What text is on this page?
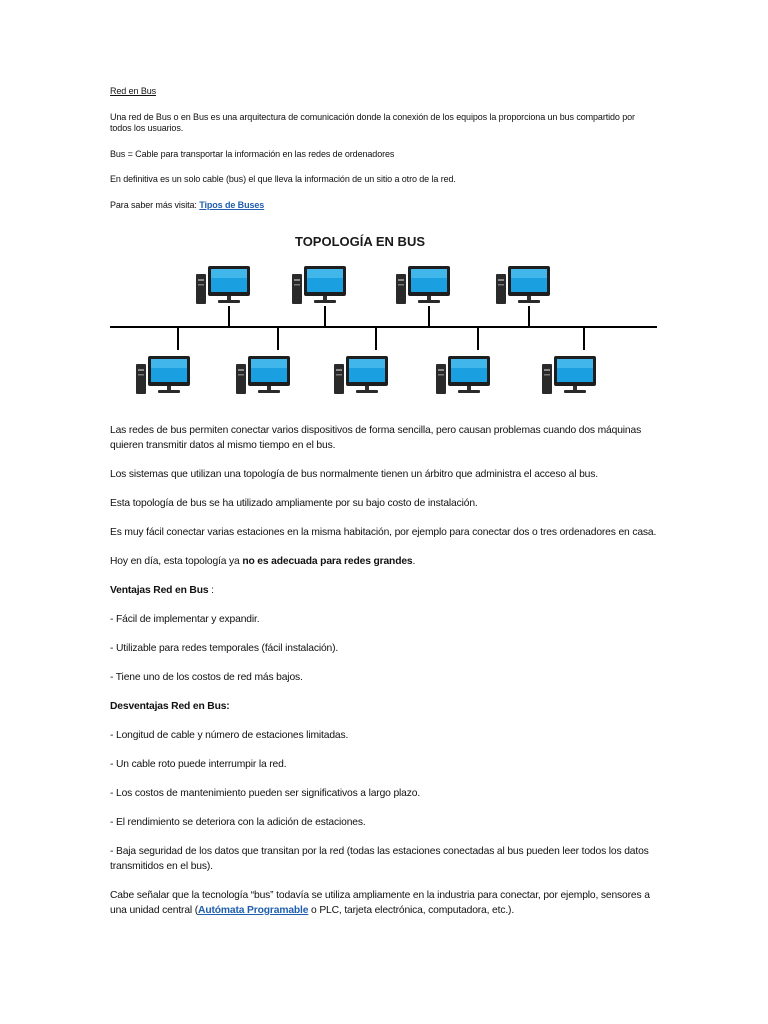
Red en Bus

Una red de Bus o en Bus es una arquitectura de comunicación donde la conexión de los equipos la proporciona un bus compartido por todos los usuarios.

Bus = Cable para transportar la información en las redes de ordenadores

En definitiva es un solo cable (bus) el que lleva la información de un sitio a otro de la red.

Para saber más visita: Tipos de Buses

TOPOLOGÍA EN BUS

Las redes de bus permiten conectar varios dispositivos de forma sencilla, pero causan problemas cuando dos máquinas quieren transmitir datos al mismo tiempo en el bus.

Los sistemas que utilizan una topología de bus normalmente tienen un árbitro que administra el acceso al bus.

Esta topología de bus se ha utilizado ampliamente por su bajo costo de instalación.

Es muy fácil conectar varias estaciones en la misma habitación, por ejemplo para conectar dos o tres ordenadores en casa.

Hoy en día, esta topología ya no es adecuada para redes grandes.

Ventajas Red en Bus :

- Fácil de implementar y expandir.

- Utilizable para redes temporales (fácil instalación).

- Tiene uno de los costos de red más bajos.

Desventajas Red en Bus:

- Longitud de cable y número de estaciones limitadas.

- Un cable roto puede interrumpir la red.

- Los costos de mantenimiento pueden ser significativos a largo plazo.

- El rendimiento se deteriora con la adición de estaciones.

- Baja seguridad de los datos que transitan por la red (todas las estaciones conectadas al bus pueden leer todos los datos transmitidos en el bus).

Cabe señalar que la tecnología “bus” todavía se utiliza ampliamente en la industria para conectar, por ejemplo, sensores a una unidad central (Autómata Programable o PLC, tarjeta electrónica, computadora, etc.).
